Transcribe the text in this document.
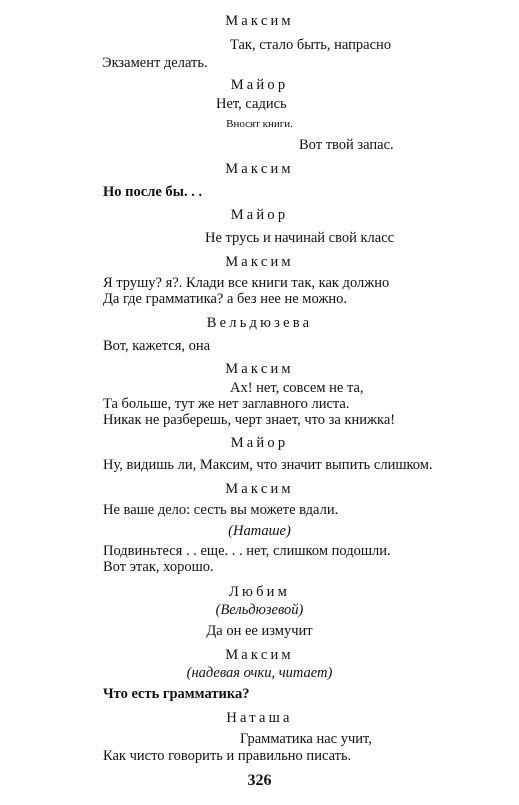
Максим
Так, стало быть, напрасно
Экзамент делать.
Майор
Нет, садись
Вносят книги.
Вот твой запас.
Максим
Но после бы. . .
Майор
Не трусь и начинай свой класс
Максим
Я трушу? я?. Клади все книги так, как должно
Да где грамматика? а без нее не можно.
Вельдюзева
Вот, кажется, она
Максим
Ах! нет, совсем не та,
Та больше, тут же нет заглавного листа.
Никак не разберешь, черт знает, что за книжка!
Майор
Ну, видишь ли, Максим, что значит выпить слишком.
Максим
Не ваше дело: сесть вы можете вдали.
(Наташе)
Подвиньтеся . . еще. . . нет, слишком подошли.
Вот этак, хорошо.
Любим
(Вельдюзевой)
Да он ее измучит
Максим
(надевая очки, читает)
Что есть грамматика?
Наташа
Грамматика нас учит,
Как чисто говорить и правильно писать.
326
